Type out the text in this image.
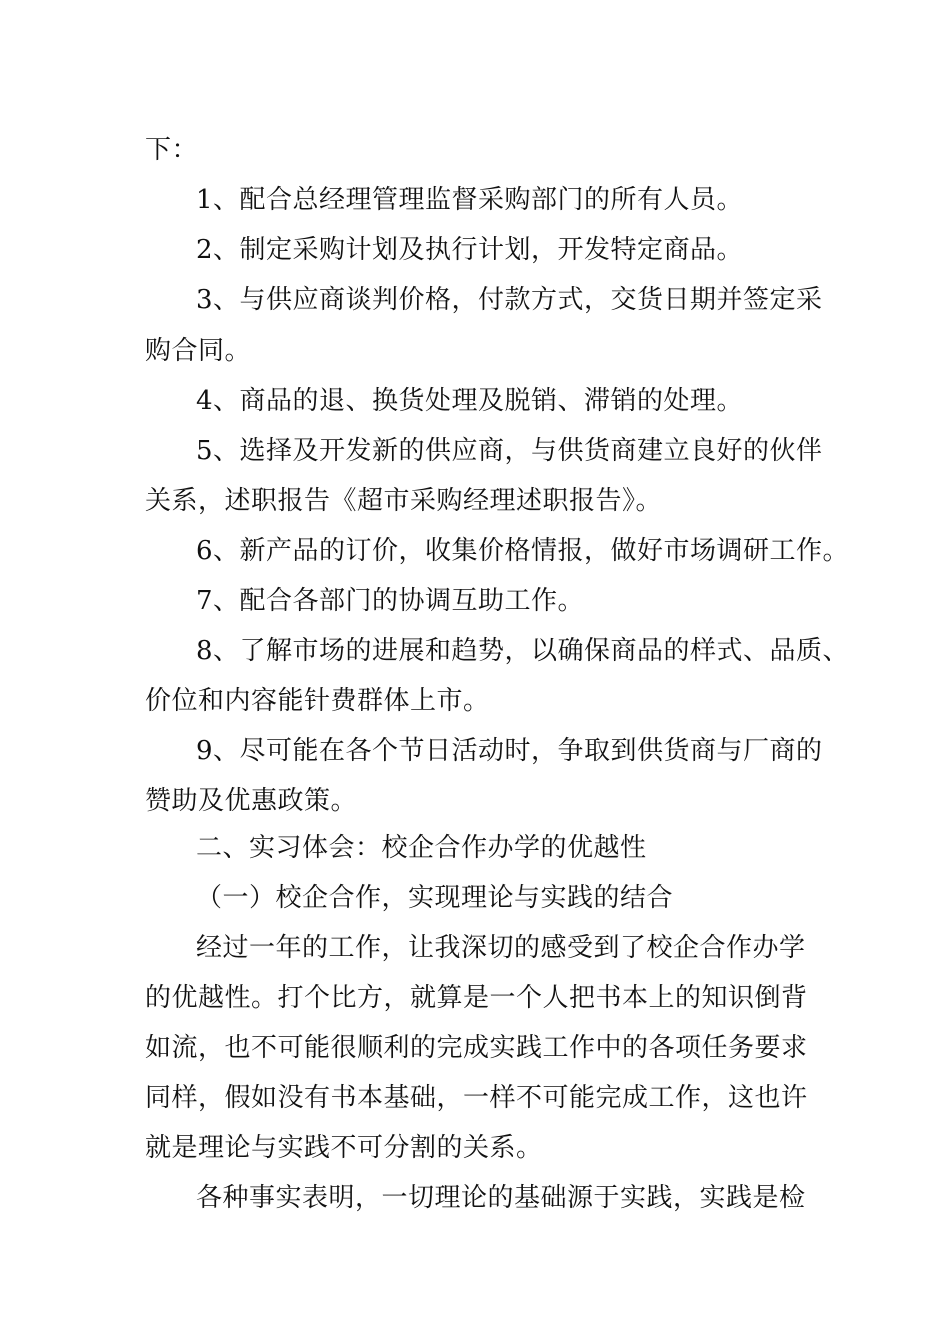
下：
1、配合总经理管理监督采购部门的所有人员。
2、制定采购计划及执行计划，开发特定商品。
3、与供应商谈判价格，付款方式，交货日期并签定采
购合同。
4、商品的退、换货处理及脱销、滞销的处理。
5、选择及开发新的供应商，与供货商建立良好的伙伴
关系，述职报告《超市采购经理述职报告》。
6、新产品的订价，收集价格情报，做好市场调研工作。
7、配合各部门的协调互助工作。
8、了解市场的进展和趋势，以确保商品的样式、品质、
价位和内容能针费群体上市。
9、尽可能在各个节日活动时，争取到供货商与厂商的
赞助及优惠政策。
二、实习体会：校企合作办学的优越性
（一）校企合作，实现理论与实践的结合
经过一年的工作，让我深切的感受到了校企合作办学
的优越性。打个比方，就算是一个人把书本上的知识倒背
如流，也不可能很顺利的完成实践工作中的各项任务要求
同样，假如没有书本基础，一样不可能完成工作，这也许
就是理论与实践不可分割的关系。
各种事实表明，一切理论的基础源于实践，实践是检
